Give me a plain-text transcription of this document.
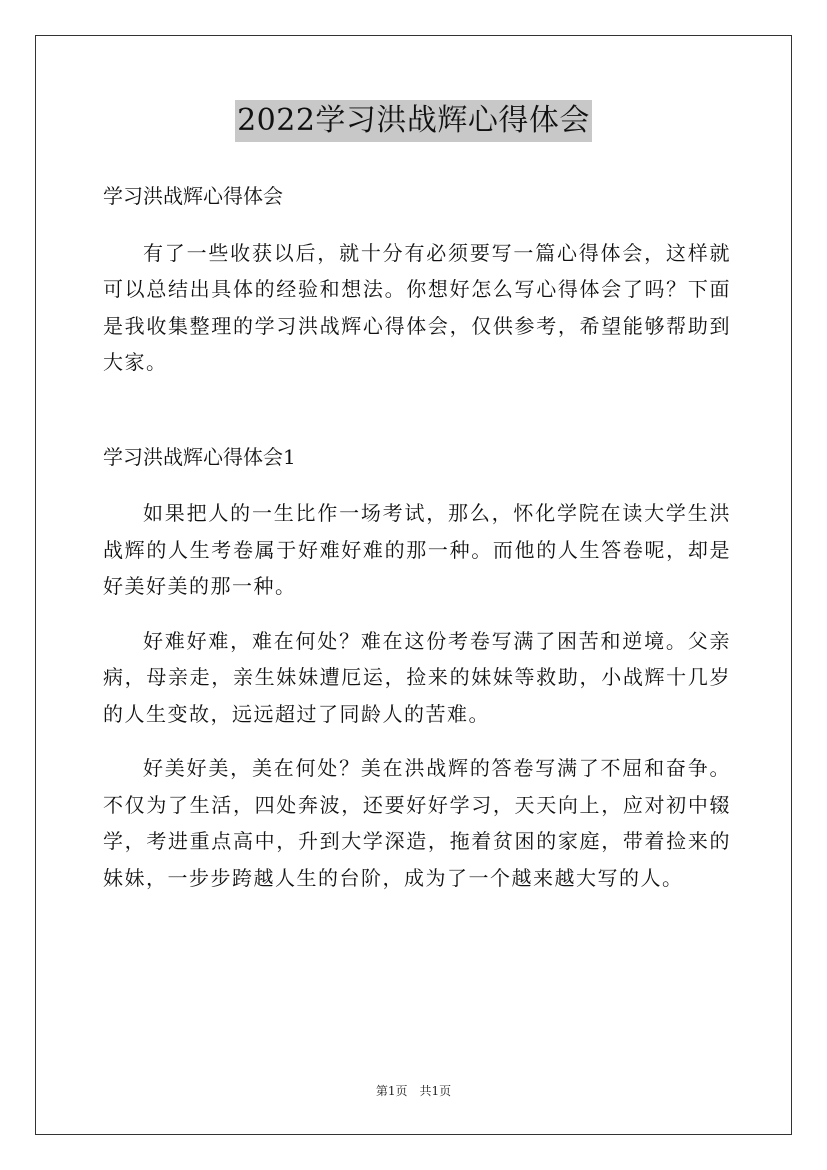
2022学习洪战辉心得体会

学习洪战辉心得体会

有了一些收获以后，就十分有必须要写一篇心得体会，这样就可以总结出具体的经验和想法。你想好怎么写心得体会了吗？下面是我收集整理的学习洪战辉心得体会，仅供参考，希望能够帮助到大家。

学习洪战辉心得体会1

如果把人的一生比作一场考试，那么，怀化学院在读大学生洪战辉的人生考卷属于好难好难的那一种。而他的人生答卷呢，却是好美好美的那一种。

好难好难，难在何处？难在这份考卷写满了困苦和逆境。父亲病，母亲走，亲生妹妹遭厄运，捡来的妹妹等救助，小战辉十几岁的人生变故，远远超过了同龄人的苦难。

好美好美，美在何处？美在洪战辉的答卷写满了不屈和奋争。不仅为了生活，四处奔波，还要好好学习，天天向上，应对初中辍学，考进重点高中，升到大学深造，拖着贫困的家庭，带着捡来的妹妹，一步步跨越人生的台阶，成为了一个越来越大写的人。

第1页　共1页
